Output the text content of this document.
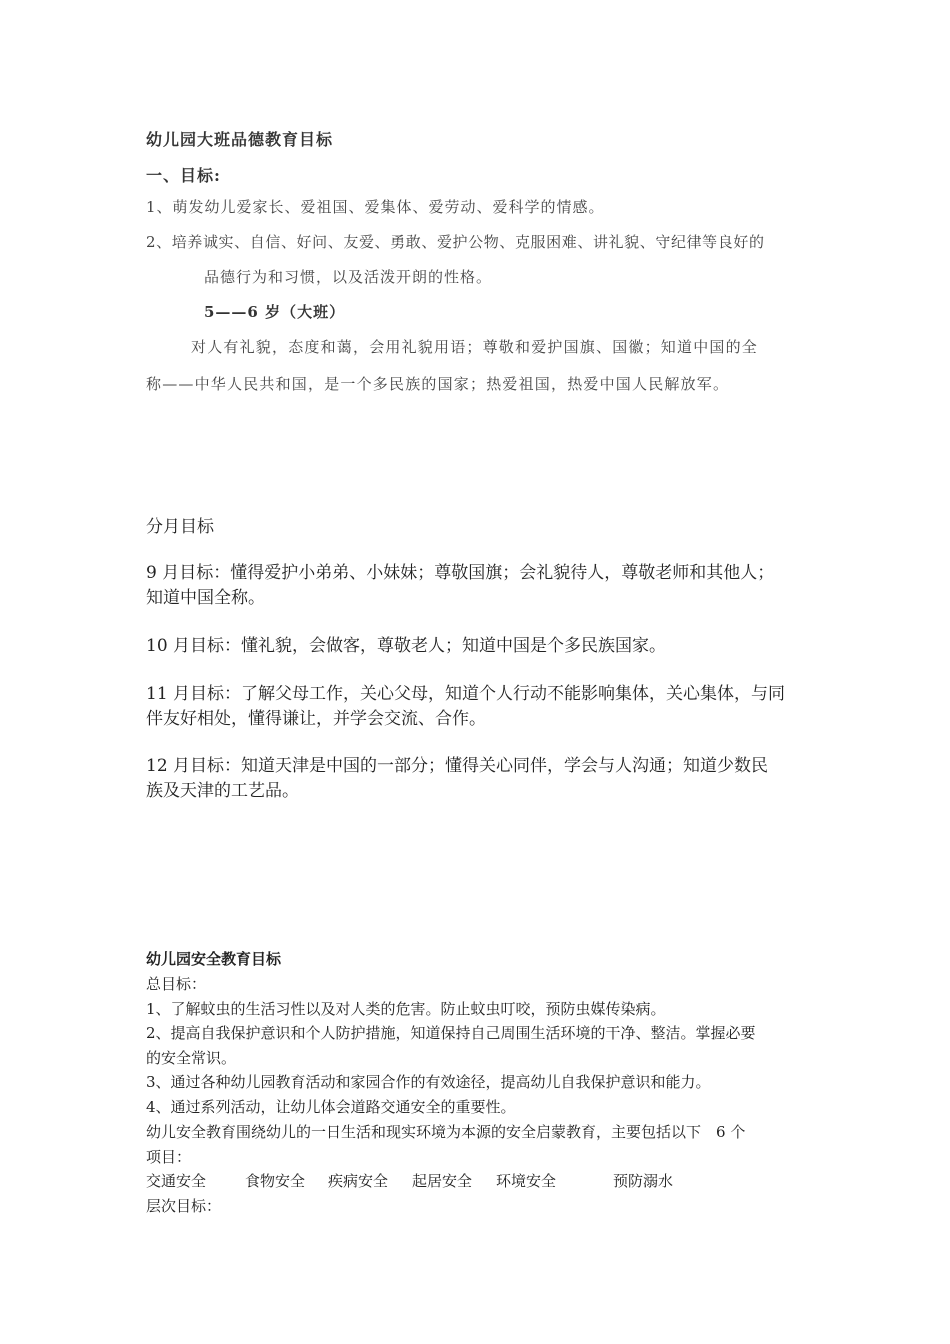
幼儿园大班品德教育目标
一、目标:
1、萌发幼儿爱家长、爱祖国、爱集体、爱劳动、爱科学的情感。
2、培养诚实、自信、好问、友爱、勇敢、爱护公物、克服困难、讲礼貌、守纪律等良好的
品德行为和习惯，以及活泼开朗的性格。
5——6 岁（大班）
对人有礼貌，态度和蔼，会用礼貌用语；尊敬和爱护国旗、国徽；知道中国的全
称——中华人民共和国，是一个多民族的国家；热爱祖国，热爱中国人民解放军。
分月目标
9 月目标：懂得爱护小弟弟、小妹妹；尊敬国旗；会礼貌待人，尊敬老师和其他人；
知道中国全称。
10 月目标：懂礼貌，会做客，尊敬老人；知道中国是个多民族国家。
11 月目标：了解父母工作，关心父母，知道个人行动不能影响集体，关心集体，与同
伴友好相处，懂得谦让，并学会交流、合作。
12 月目标：知道天津是中国的一部分；懂得关心同伴，学会与人沟通；知道少数民
族及天津的工艺品。
幼儿园安全教育目标
总目标：
1、了解蚊虫的生活习性以及对人类的危害。防止蚊虫叮咬，预防虫媒传染病。
2、提高自我保护意识和个人防护措施，知道保持自己周围生活环境的干净、整洁。掌握必要
的安全常识。
3、通过各种幼儿园教育活动和家园合作的有效途径，提高幼儿自我保护意识和能力。
4、通过系列活动，让幼儿体会道路交通安全的重要性。
幼儿安全教育围绕幼儿的一日生活和现实环境为本源的安全启蒙教育，主要包括以下　6 个
项目：
交通安全	食物安全 疾病安全 起居安全 环境安全	预防溺水
层次目标：
